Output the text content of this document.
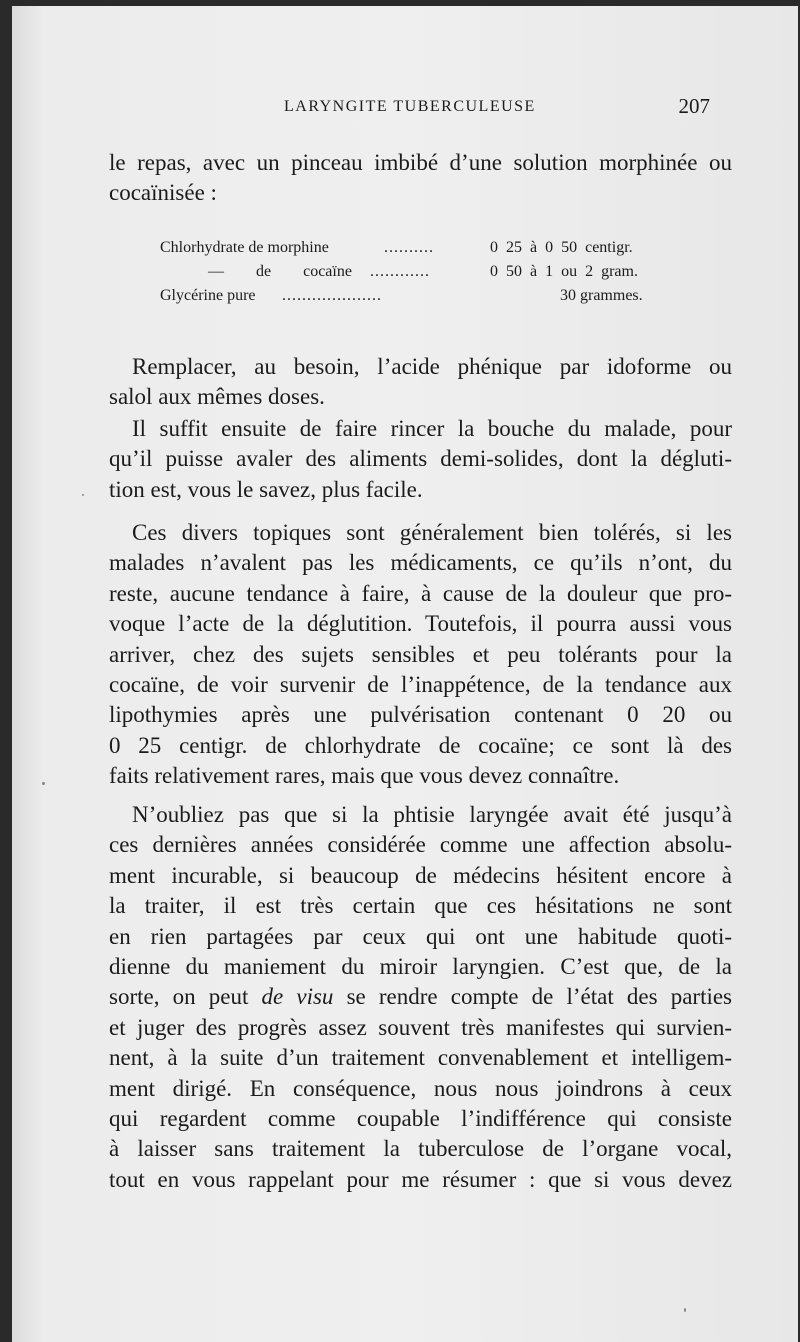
LARYNGITE TUBERCULEUSE	207

le repas, avec un pinceau imbibé d’une solution morphinée ou
cocaïnisée :

Chlorhydrate de morphine	..........	0 25 à 0 50 centigr.
— de cocaïne ............	0 50 à 1 ou 2 gram.
Glycérine pure ....................	30 grammes.

Remplacer, au besoin, l’acide phénique par idoforme ou
salol aux mêmes doses.

Il suffit ensuite de faire rincer la bouche du malade, pour
qu’il puisse avaler des aliments demi-solides, dont la dégluti-
tion est, vous le savez, plus facile.

Ces divers topiques sont généralement bien tolérés, si les
malades n’avalent pas les médicaments, ce qu’ils n’ont, du
reste, aucune tendance à faire, à cause de la douleur que pro-
voque l’acte de la déglutition. Toutefois, il pourra aussi vous
arriver, chez des sujets sensibles et peu tolérants pour la
cocaïne, de voir survenir de l’inappétence, de la tendance aux
lipothymies après une pulvérisation contenant 0 20 ou
0 25 centigr. de chlorhydrate de cocaïne; ce sont là des
faits relativement rares, mais que vous devez connaître.

N’oubliez pas que si la phtisie laryngée avait été jusqu’à
ces dernières années considérée comme une affection absolu-
ment incurable, si beaucoup de médecins hésitent encore à
la traiter, il est très certain que ces hésitations ne sont
en rien partagées par ceux qui ont une habitude quoti-
dienne du maniement du miroir laryngien. C’est que, de la
sorte, on peut de visu se rendre compte de l’état des parties
et juger des progrès assez souvent très manifestes qui survien-
nent, à la suite d’un traitement convenablement et intelligem-
ment dirigé. En conséquence, nous nous joindrons à ceux
qui regardent comme coupable l’indifférence qui consiste
à laisser sans traitement la tuberculose de l’organe vocal,
tout en vous rappelant pour me résumer : que si vous devez
